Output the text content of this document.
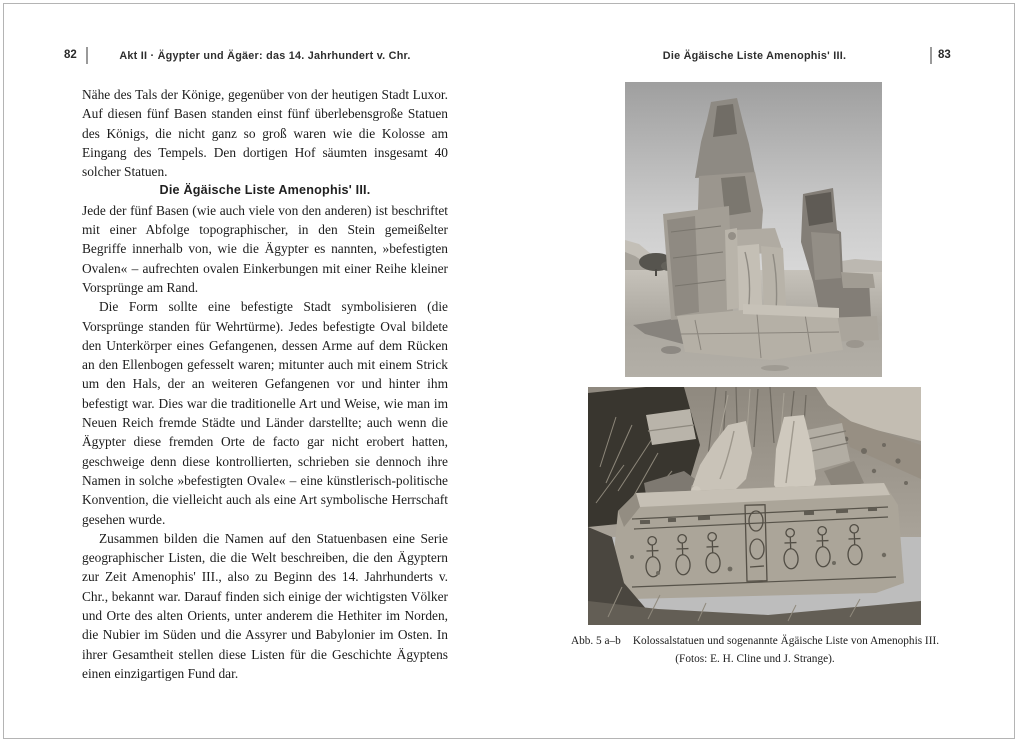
82	Akt II · Ägypter und Ägäer: das 14. Jahrhundert v. Chr.

Nähe des Tals der Könige, gegenüber von der heutigen Stadt Luxor. Auf diesen fünf Basen standen einst fünf überlebensgroße Statuen des Königs, die nicht ganz so groß waren wie die Kolosse am Eingang des Tempels. Den dortigen Hof säumten insgesamt 40 solcher Statuen.

Die Ägäische Liste Amenophis' III.

Jede der fünf Basen (wie auch viele von den anderen) ist beschriftet mit einer Abfolge topographischer, in den Stein gemeißelter Begriffe innerhalb von, wie die Ägypter es nannten, »befestigten Ovalen« – aufrechten ovalen Einkerbungen mit einer Reihe kleiner Vorsprünge am Rand.

Die Form sollte eine befestigte Stadt symbolisieren (die Vorsprünge standen für Wehrtürme). Jedes befestigte Oval bildete den Unterkörper eines Gefangenen, dessen Arme auf dem Rücken an den Ellenbogen gefesselt waren; mitunter auch mit einem Strick um den Hals, der an weiteren Gefangenen vor und hinter ihm befestigt war. Dies war die traditionelle Art und Weise, wie man im Neuen Reich fremde Städte und Länder darstellte; auch wenn die Ägypter diese fremden Orte de facto gar nicht erobert hatten, geschweige denn diese kontrollierten, schrieben sie dennoch ihre Namen in solche »befestigten Ovale« – eine künstlerisch-politische Konvention, die vielleicht auch als eine Art symbolische Herrschaft gesehen wurde.

Zusammen bilden die Namen auf den Statuenbasen eine Serie geographischer Listen, die die Welt beschreiben, die den Ägyptern zur Zeit Amenophis' III., also zu Beginn des 14. Jahrhunderts v. Chr., bekannt war. Darauf finden sich einige der wichtigsten Völker und Orte des alten Orients, unter anderem die Hethiter im Norden, die Nubier im Süden und die Assyrer und Babylonier im Osten. In ihrer Gesamtheit stellen diese Listen für die Geschichte Ägyptens einen einzigartigen Fund dar.

Die Ägäische Liste Amenophis' III.	83
Abb. 5 a–b Kolossalstatuen und sogenannte Ägäische Liste von Amenophis III.
(Fotos: E. H. Cline und J. Strange).
